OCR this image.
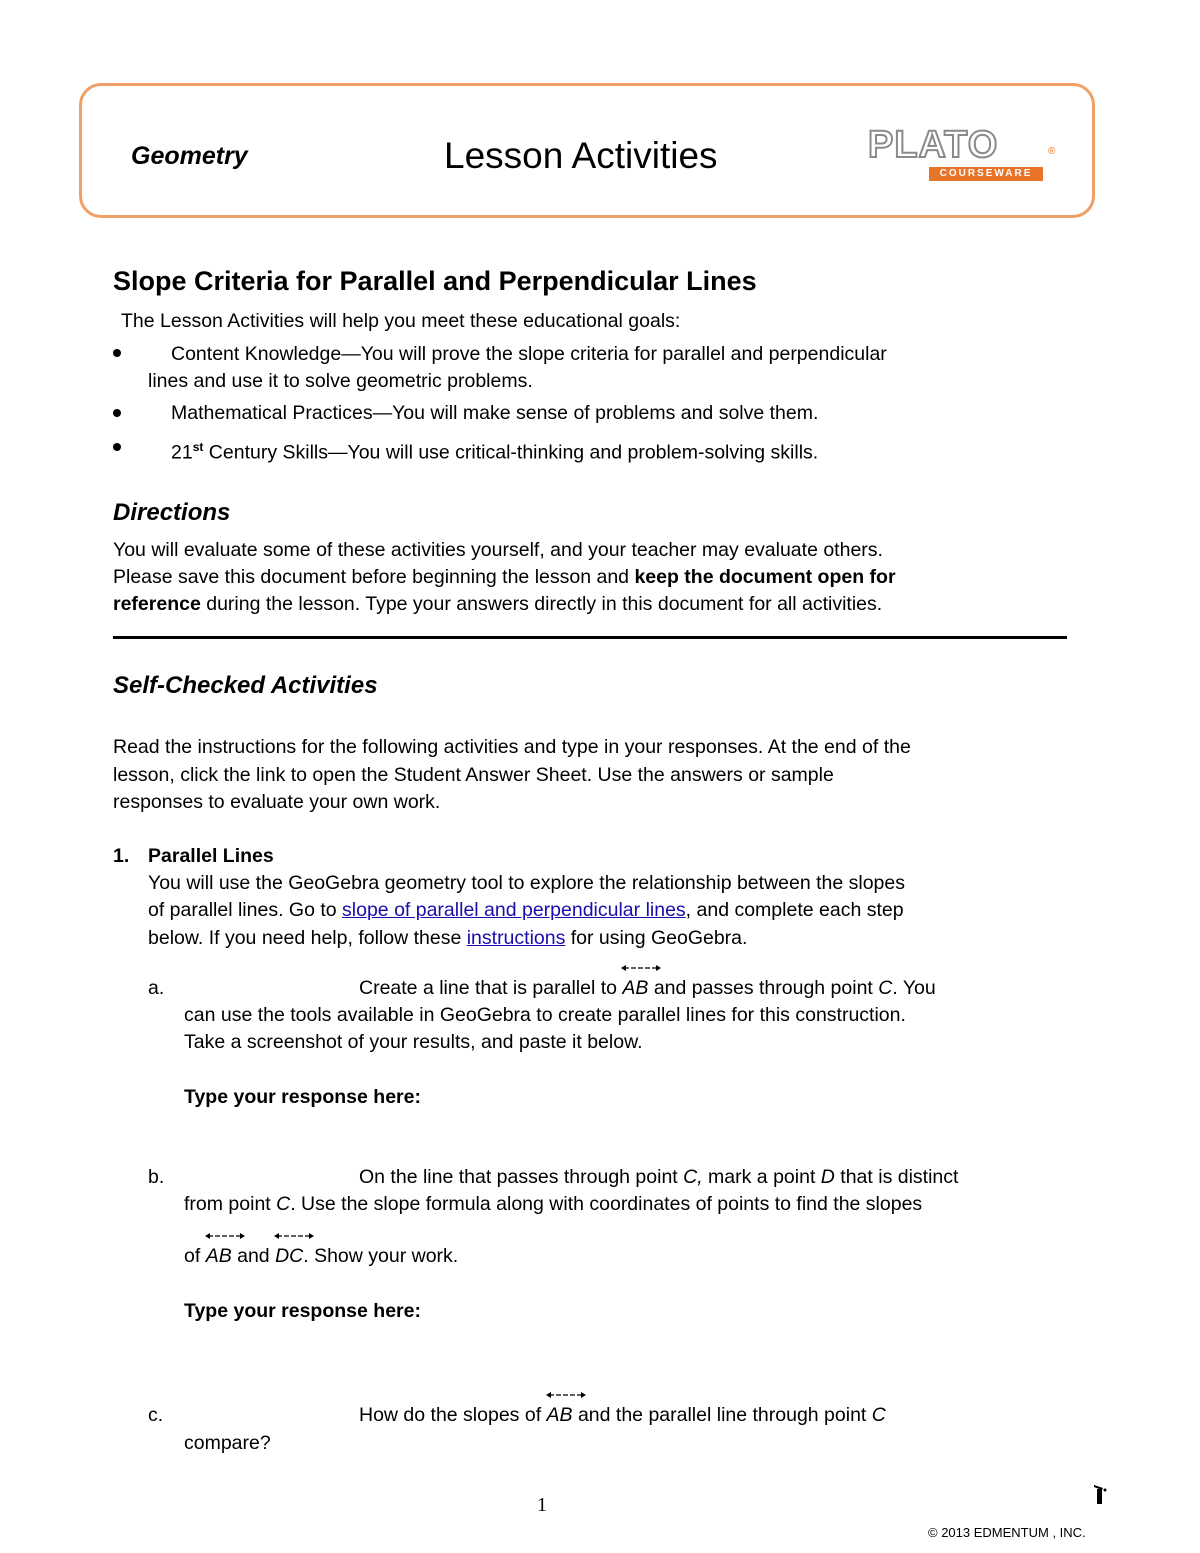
Geometry	Lesson Activities	PLATO	®
COURSEWARE
Slope Criteria for Parallel and Perpendicular Lines
The Lesson Activities will help you meet these educational goals:
Content Knowledge—You will prove the slope criteria for parallel and perpendicular
lines and use it to solve geometric problems.
Mathematical Practices—You will make sense of problems and solve them.
21st Century Skills—You will use critical-thinking and problem-solving skills.
Directions
You will evaluate some of these activities yourself, and your teacher may evaluate others.
Please save this document before beginning the lesson and keep the document open for
reference during the lesson. Type your answers directly in this document for all activities.
Self-Checked Activities
Read the instructions for the following activities and type in your responses. At the end of the
lesson, click the link to open the Student Answer Sheet. Use the answers or sample
responses to evaluate your own work.
1. Parallel Lines
You will use the GeoGebra geometry tool to explore the relationship between the slopes
of parallel lines. Go to slope of parallel and perpendicular lines, and complete each step
below. If you need help, follow these instructions for using GeoGebra.
a.	Create a line that is parallel to
AB and passes through point C. You
can use the tools available in GeoGebra to create parallel lines for this construction.
Take a screenshot of your results, and paste it below.
Type your response here:
b.	On the line that passes through point C, mark a point D that is distinct
from point C. Use the slope formula along with coordinates of points to find the slopes
of
AB and
DC. Show your work.
Type your response here:
c.	How do the slopes of
AB and the parallel line through point C
compare?
1
© 2013 EDMENTUM , INC.
